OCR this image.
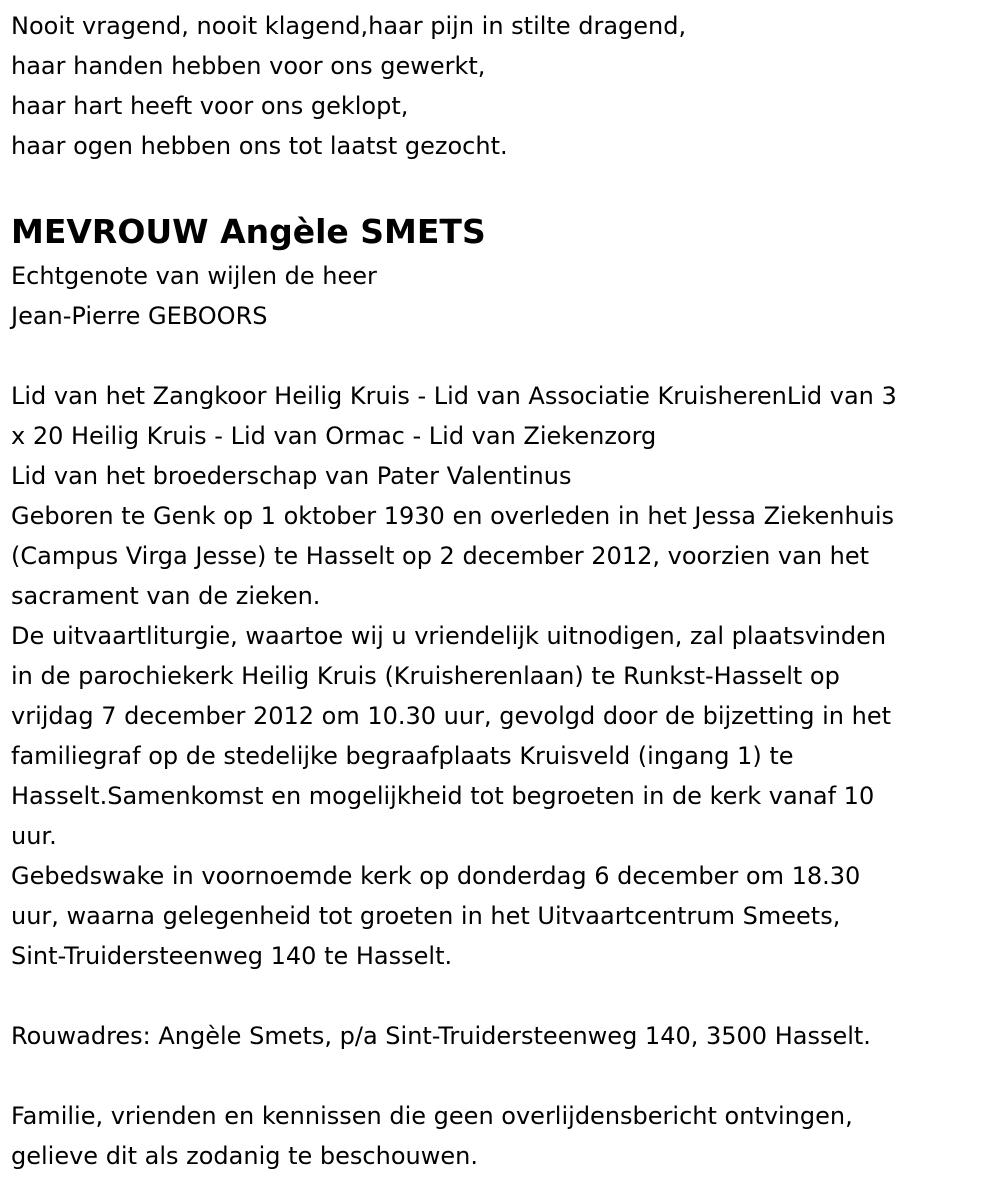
Nooit vragend, nooit klagend,haar pijn in stilte dragend,
haar handen hebben voor ons gewerkt,
haar hart heeft voor ons geklopt,
haar ogen hebben ons tot laatst gezocht.
MEVROUW Angèle SMETS
Echtgenote van wijlen de heer
Jean-Pierre GEBOORS
Lid van het Zangkoor Heilig Kruis - Lid van Associatie KruisherenLid van 3
x 20 Heilig Kruis - Lid van Ormac - Lid van Ziekenzorg
Lid van het broederschap van Pater Valentinus
Geboren te Genk op 1 oktober 1930 en overleden in het Jessa Ziekenhuis
(Campus Virga Jesse) te Hasselt op 2 december 2012, voorzien van het
sacrament van de zieken.
De uitvaartliturgie, waartoe wij u vriendelijk uitnodigen, zal plaatsvinden
in de parochiekerk Heilig Kruis (Kruisherenlaan) te Runkst-Hasselt op
vrijdag 7 december 2012 om 10.30 uur, gevolgd door de bijzetting in het
familiegraf op de stedelijke begraafplaats Kruisveld (ingang 1) te
Hasselt.Samenkomst en mogelijkheid tot begroeten in de kerk vanaf 10
uur.
Gebedswake in voornoemde kerk op donderdag 6 december om 18.30
uur, waarna gelegenheid tot groeten in het Uitvaartcentrum Smeets,
Sint-Truidersteenweg 140 te Hasselt.
Rouwadres: Angèle Smets, p/a Sint-Truidersteenweg 140, 3500 Hasselt.
Familie, vrienden en kennissen die geen overlijdensbericht ontvingen,
gelieve dit als zodanig te beschouwen.
